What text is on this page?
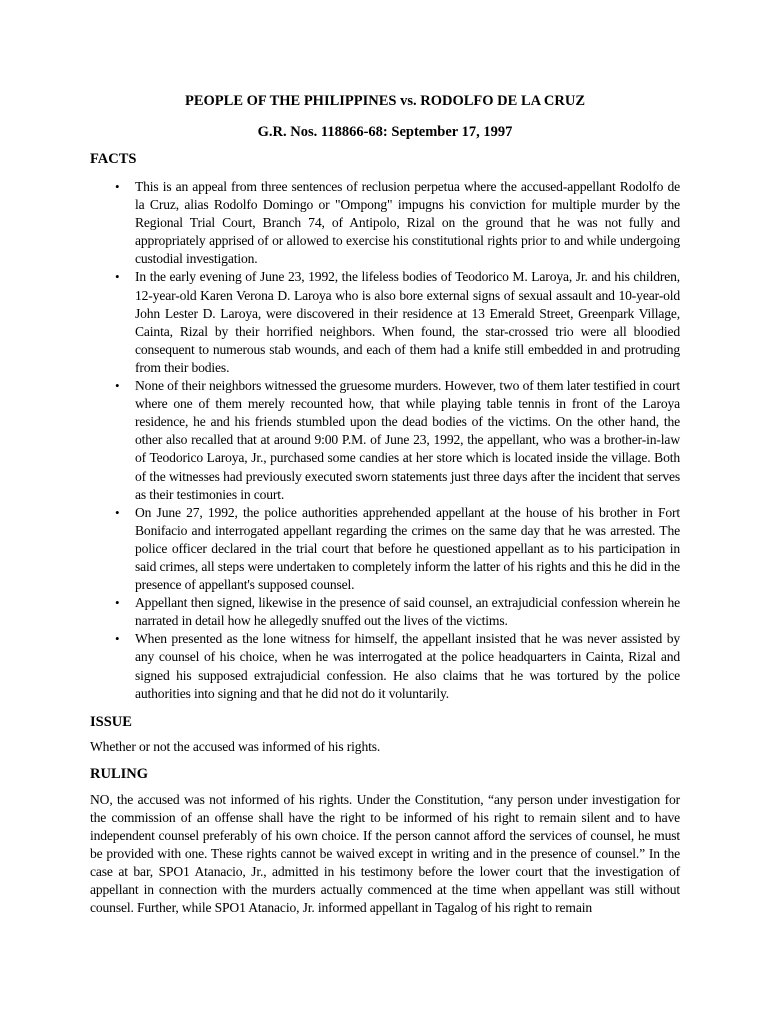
PEOPLE OF THE PHILIPPINES vs. RODOLFO DE LA CRUZ

G.R. Nos. 118866-68: September 17, 1997

FACTS

• This is an appeal from three sentences of reclusion perpetua where the accused-appellant Rodolfo de la Cruz, alias Rodolfo Domingo or "Ompong" impugns his conviction for multiple murder by the Regional Trial Court, Branch 74, of Antipolo, Rizal on the ground that he was not fully and appropriately apprised of or allowed to exercise his constitutional rights prior to and while undergoing custodial investigation.
• In the early evening of June 23, 1992, the lifeless bodies of Teodorico M. Laroya, Jr. and his children, 12-year-old Karen Verona D. Laroya who is also bore external signs of sexual assault and 10-year-old John Lester D. Laroya, were discovered in their residence at 13 Emerald Street, Greenpark Village, Cainta, Rizal by their horrified neighbors. When found, the star-crossed trio were all bloodied consequent to numerous stab wounds, and each of them had a knife still embedded in and protruding from their bodies.
• None of their neighbors witnessed the gruesome murders. However, two of them later testified in court where one of them merely recounted how, that while playing table tennis in front of the Laroya residence, he and his friends stumbled upon the dead bodies of the victims. On the other hand, the other also recalled that at around 9:00 P.M. of June 23, 1992, the appellant, who was a brother-in-law of Teodorico Laroya, Jr., purchased some candies at her store which is located inside the village. Both of the witnesses had previously executed sworn statements just three days after the incident that serves as their testimonies in court.
• On June 27, 1992, the police authorities apprehended appellant at the house of his brother in Fort Bonifacio and interrogated appellant regarding the crimes on the same day that he was arrested. The police officer declared in the trial court that before he questioned appellant as to his participation in said crimes, all steps were undertaken to completely inform the latter of his rights and this he did in the presence of appellant's supposed counsel.
• Appellant then signed, likewise in the presence of said counsel, an extrajudicial confession wherein he narrated in detail how he allegedly snuffed out the lives of the victims.
• When presented as the lone witness for himself, the appellant insisted that he was never assisted by any counsel of his choice, when he was interrogated at the police headquarters in Cainta, Rizal and signed his supposed extrajudicial confession. He also claims that he was tortured by the police authorities into signing and that he did not do it voluntarily.

ISSUE

Whether or not the accused was informed of his rights.

RULING

NO, the accused was not informed of his rights. Under the Constitution, “any person under investigation for the commission of an offense shall have the right to be informed of his right to remain silent and to have independent counsel preferably of his own choice. If the person cannot afford the services of counsel, he must be provided with one. These rights cannot be waived except in writing and in the presence of counsel.” In the case at bar, SPO1 Atanacio, Jr., admitted in his testimony before the lower court that the investigation of appellant in connection with the murders actually commenced at the time when appellant was still without counsel. Further, while SPO1 Atanacio, Jr. informed appellant in Tagalog of his right to remain
